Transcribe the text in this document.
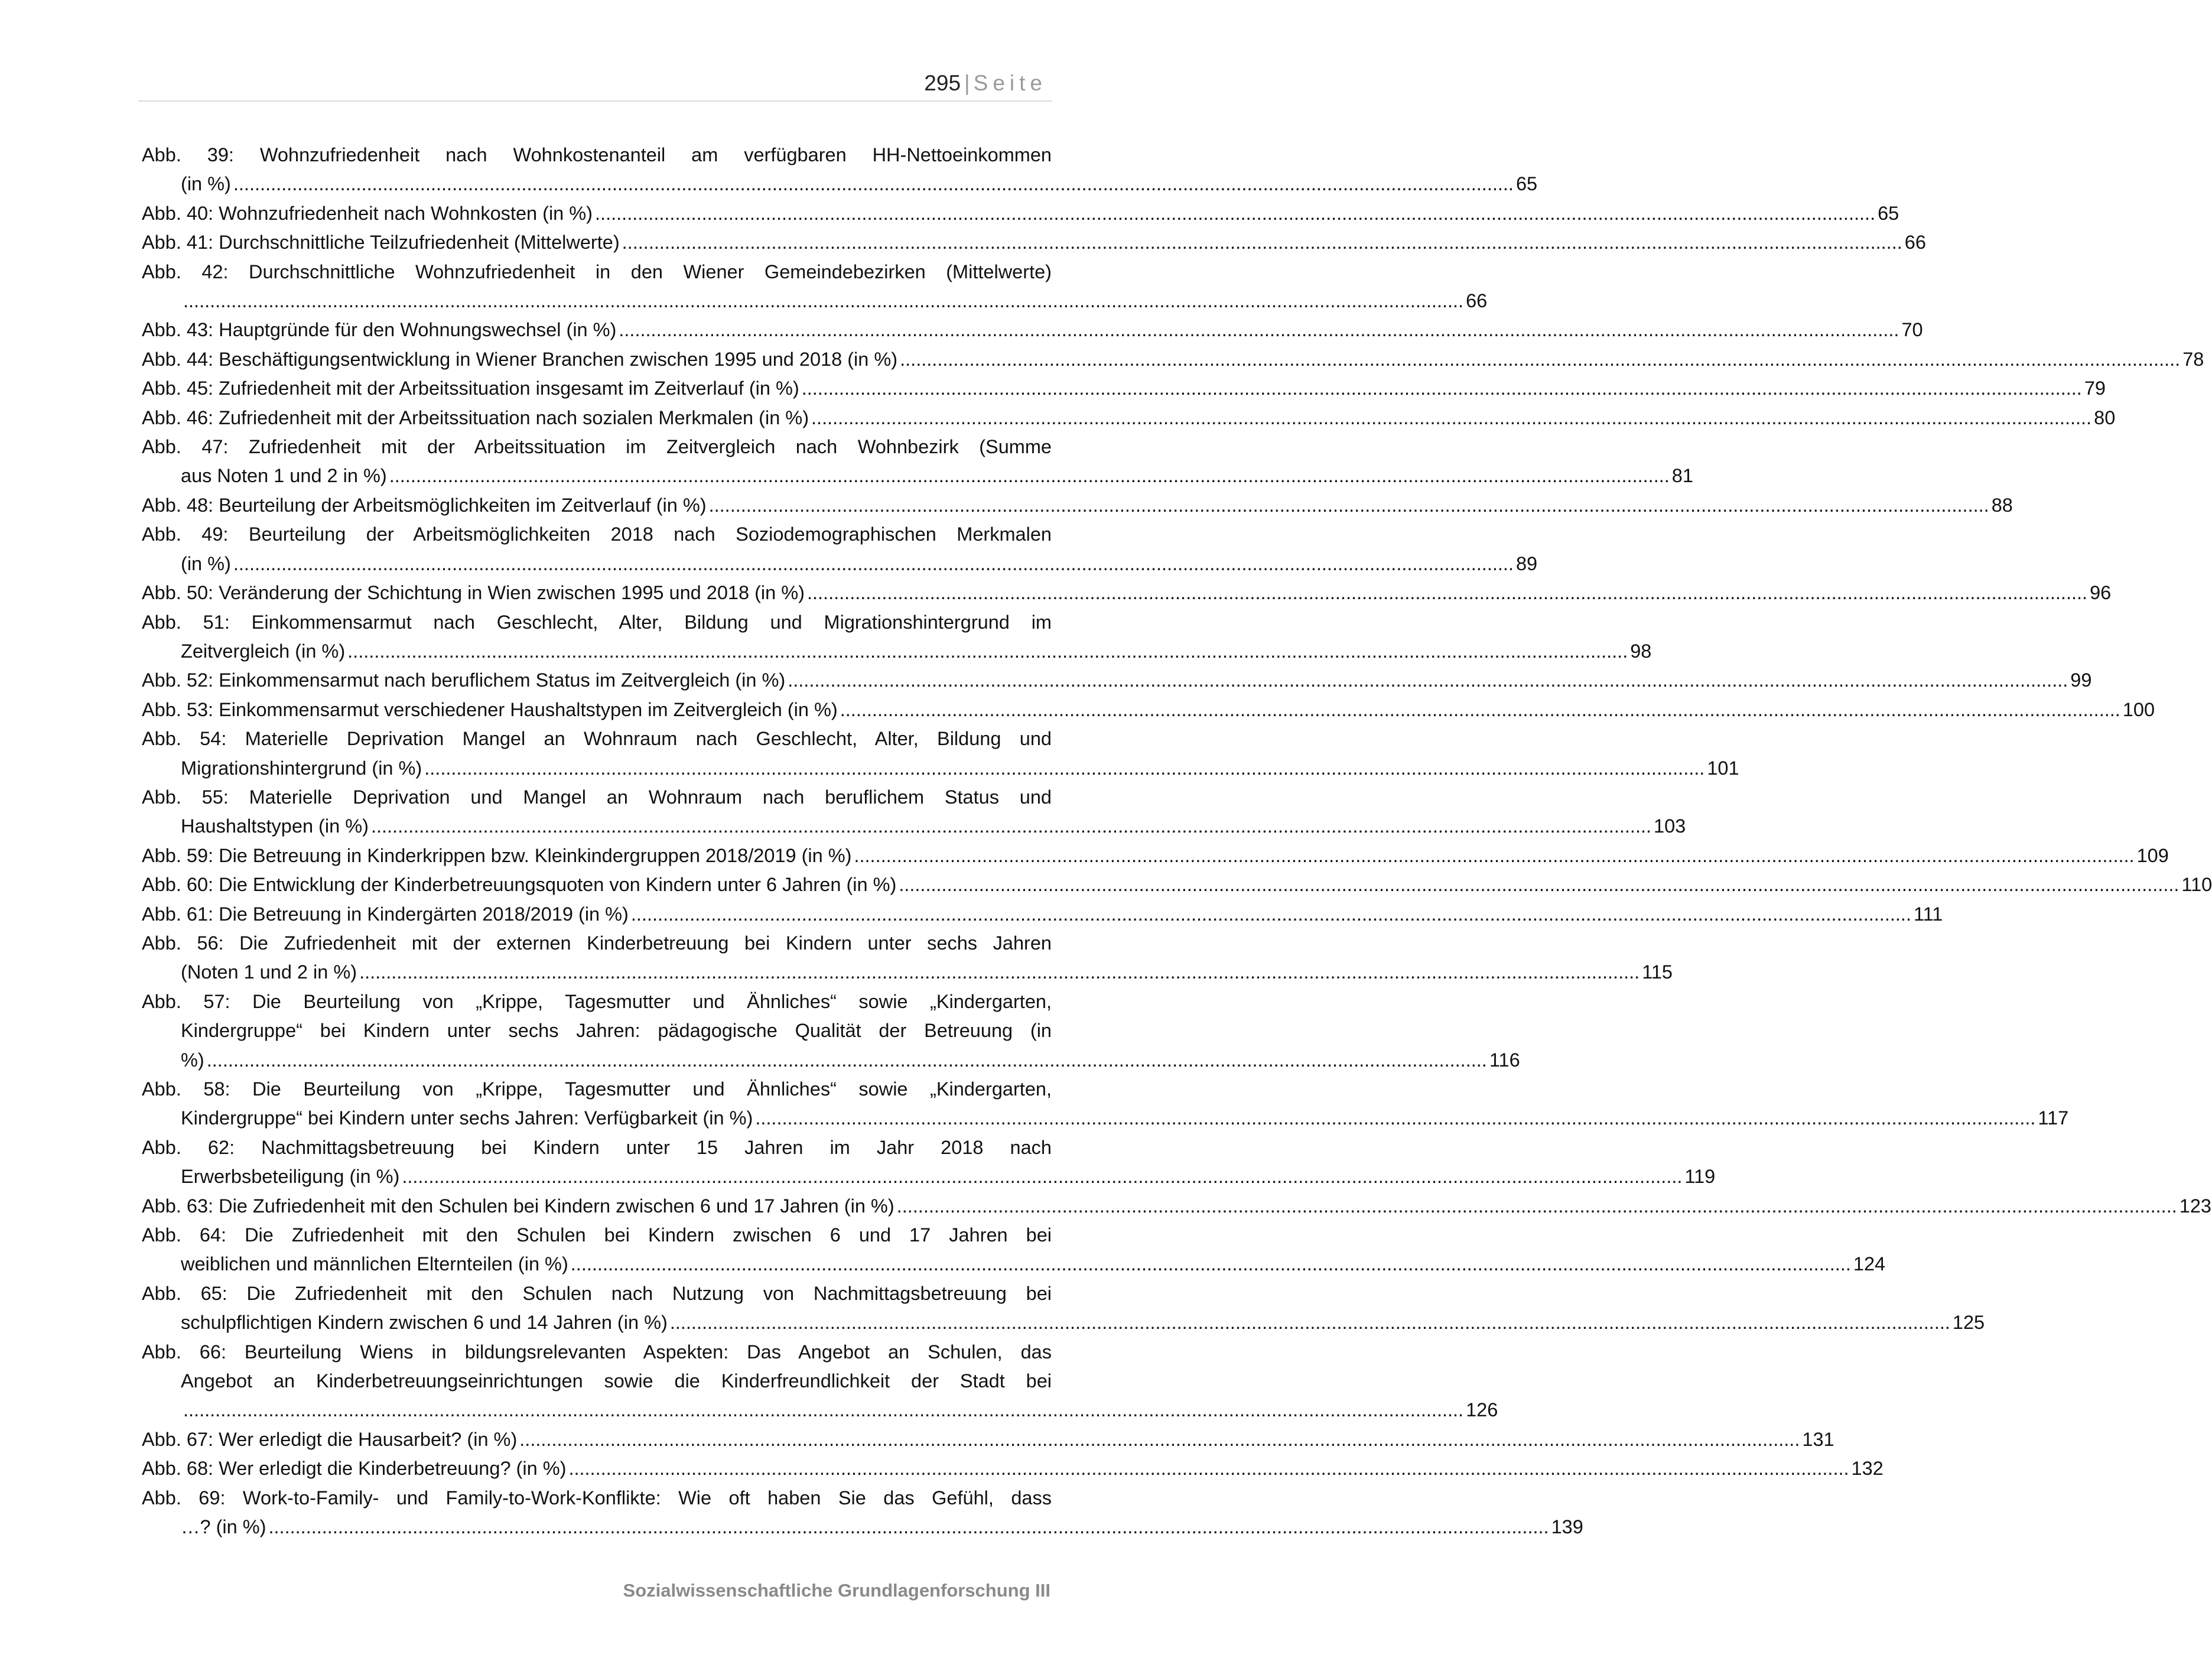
295 | Seite
Abb. 39: Wohnzufriedenheit nach Wohnkostenanteil am verfügbaren HH-Nettoeinkommen
(in %) ................................................................................................................................................................................................................................................ 65
Abb. 40: Wohnzufriedenheit nach Wohnkosten (in %) ................................................................................................................................................................................................................................................ 65
Abb. 41: Durchschnittliche Teilzufriedenheit (Mittelwerte) ................................................................................................................................................................................................................................................ 66
Abb. 42: Durchschnittliche Wohnzufriedenheit in den Wiener Gemeindebezirken (Mittelwerte)
................................................................................................................................................................................................................................................ 66
Abb. 43: Hauptgründe für den Wohnungswechsel (in %) ................................................................................................................................................................................................................................................ 70
Abb. 44: Beschäftigungsentwicklung in Wiener Branchen zwischen 1995 und 2018 (in %) ................................................................................................................................................................................................................................................ 78
Abb. 45: Zufriedenheit mit der Arbeitssituation insgesamt im Zeitverlauf (in %) ................................................................................................................................................................................................................................................ 79
Abb. 46: Zufriedenheit mit der Arbeitssituation nach sozialen Merkmalen (in %) ................................................................................................................................................................................................................................................ 80
Abb. 47: Zufriedenheit mit der Arbeitssituation im Zeitvergleich nach Wohnbezirk (Summe
aus Noten 1 und 2 in %) ................................................................................................................................................................................................................................................ 81
Abb. 48: Beurteilung der Arbeitsmöglichkeiten im Zeitverlauf (in %) ................................................................................................................................................................................................................................................ 88
Abb. 49: Beurteilung der Arbeitsmöglichkeiten 2018 nach Soziodemographischen Merkmalen
(in %) ................................................................................................................................................................................................................................................ 89
Abb. 50: Veränderung der Schichtung in Wien zwischen 1995 und 2018 (in %) ................................................................................................................................................................................................................................................ 96
Abb. 51: Einkommensarmut nach Geschlecht, Alter, Bildung und Migrationshintergrund im
Zeitvergleich (in %) ................................................................................................................................................................................................................................................ 98
Abb. 52: Einkommensarmut nach beruflichem Status im Zeitvergleich (in %) ................................................................................................................................................................................................................................................ 99
Abb. 53: Einkommensarmut verschiedener Haushaltstypen im Zeitvergleich (in %) ................................................................................................................................................................................................................................................ 100
Abb. 54: Materielle Deprivation Mangel an Wohnraum nach Geschlecht, Alter, Bildung und
Migrationshintergrund (in %) ................................................................................................................................................................................................................................................ 101
Abb. 55: Materielle Deprivation und Mangel an Wohnraum nach beruflichem Status und
Haushaltstypen (in %) ................................................................................................................................................................................................................................................ 103
Abb. 59: Die Betreuung in Kinderkrippen bzw. Kleinkindergruppen 2018/2019 (in %) ................................................................................................................................................................................................................................................ 109
Abb. 60: Die Entwicklung der Kinderbetreuungsquoten von Kindern unter 6 Jahren (in %) ................................................................................................................................................................................................................................................ 110
Abb. 61: Die Betreuung in Kindergärten 2018/2019 (in %) ................................................................................................................................................................................................................................................ 111
Abb. 56: Die Zufriedenheit mit der externen Kinderbetreuung bei Kindern unter sechs Jahren
(Noten 1 und 2 in %) ................................................................................................................................................................................................................................................ 115
Abb. 57: Die Beurteilung von „Krippe, Tagesmutter und Ähnliches“ sowie „Kindergarten,
Kindergruppe“ bei Kindern unter sechs Jahren: pädagogische Qualität der Betreuung (in
%) ................................................................................................................................................................................................................................................ 116
Abb. 58: Die Beurteilung von „Krippe, Tagesmutter und Ähnliches“ sowie „Kindergarten,
Kindergruppe“ bei Kindern unter sechs Jahren: Verfügbarkeit (in %) ................................................................................................................................................................................................................................................ 117
Abb. 62: Nachmittagsbetreuung bei Kindern unter 15 Jahren im Jahr 2018 nach
Erwerbsbeteiligung (in %) ................................................................................................................................................................................................................................................ 119
Abb. 63: Die Zufriedenheit mit den Schulen bei Kindern zwischen 6 und 17 Jahren (in %) ................................................................................................................................................................................................................................................ 123
Abb. 64: Die Zufriedenheit mit den Schulen bei Kindern zwischen 6 und 17 Jahren bei
weiblichen und männlichen Elternteilen (in %) ................................................................................................................................................................................................................................................ 124
Abb. 65: Die Zufriedenheit mit den Schulen nach Nutzung von Nachmittagsbetreuung bei
schulpflichtigen Kindern zwischen 6 und 14 Jahren (in %) ................................................................................................................................................................................................................................................ 125
Abb. 66: Beurteilung Wiens in bildungsrelevanten Aspekten: Das Angebot an Schulen, das
Angebot an Kinderbetreuungseinrichtungen sowie die Kinderfreundlichkeit der Stadt bei
................................................................................................................................................................................................................................................ 126
Abb. 67: Wer erledigt die Hausarbeit? (in %) ................................................................................................................................................................................................................................................ 131
Abb. 68: Wer erledigt die Kinderbetreuung? (in %) ................................................................................................................................................................................................................................................ 132
Abb. 69: Work-to-Family- und Family-to-Work-Konflikte: Wie oft haben Sie das Gefühl, dass
…? (in %) ................................................................................................................................................................................................................................................ 139
Sozialwissenschaftliche Grundlagenforschung III
